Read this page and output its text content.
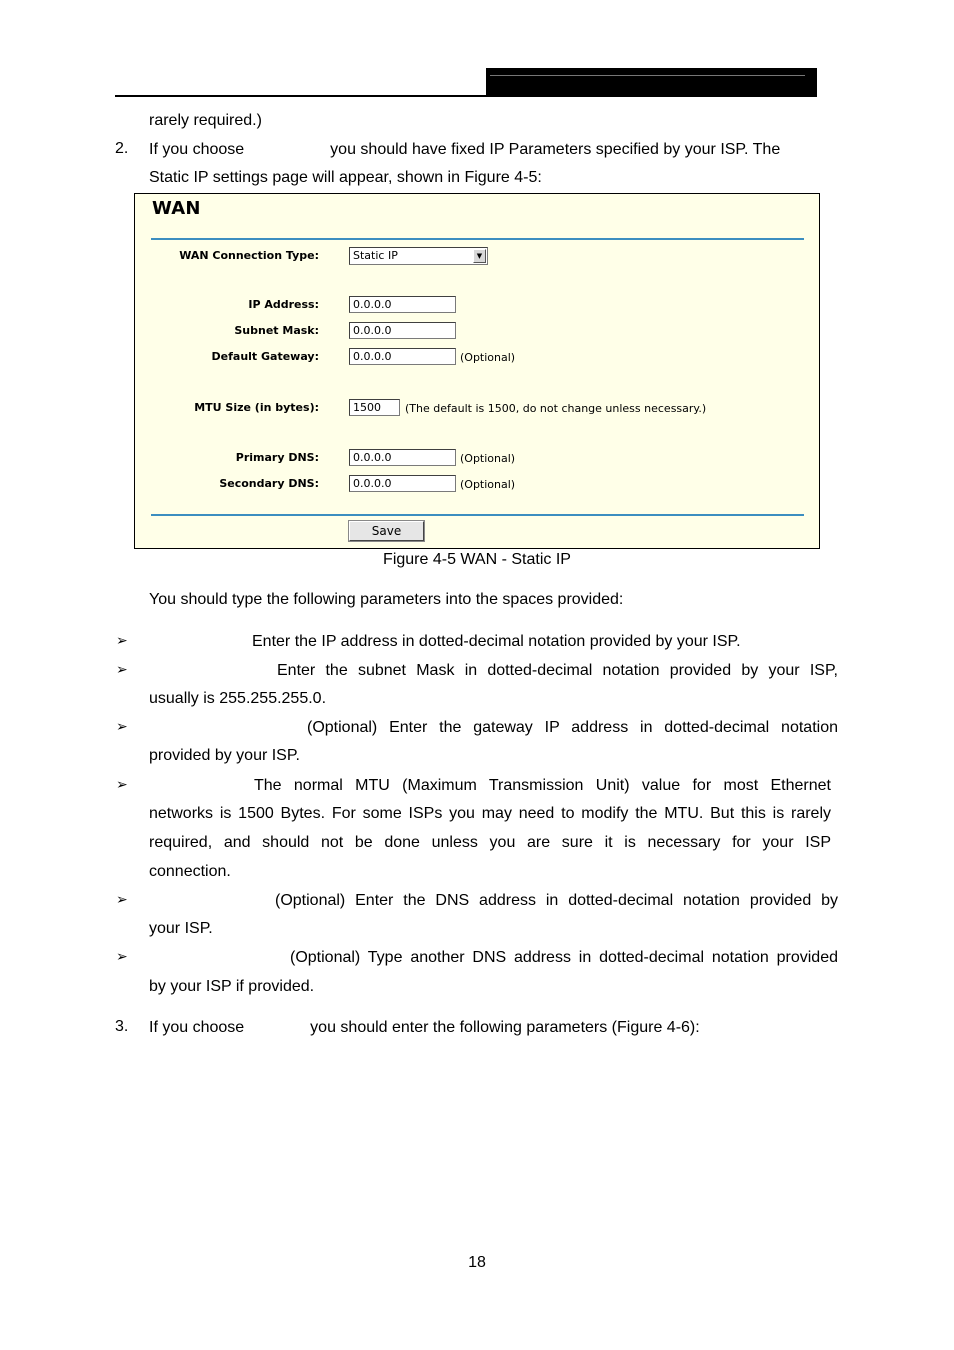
rarely required.)
2. If you choose	you should have fixed IP Parameters specified by your ISP. The
Static IP settings page will appear, shown in Figure 4-5:
WAN
WAN Connection Type:	Static IP	▼
IP Address:	0.0.0.0
Subnet Mask:	0.0.0.0
Default Gateway:	0.0.0.0	(Optional)
MTU Size (in bytes):	1500	(The default is 1500, do not change unless necessary.)
Primary DNS:	0.0.0.0	(Optional)
Secondary DNS:	0.0.0.0	(Optional)
Save
Figure 4-5 WAN - Static IP
You should type the following parameters into the spaces provided:
➢	Enter the IP address in dotted-decimal notation provided by your ISP.
➢	Enter the subnet Mask in dotted-decimal notation provided by your ISP,
usually is 255.255.255.0.
➢	(Optional) Enter the gateway IP address in dotted-decimal notation
provided by your ISP.
➢	The normal MTU (Maximum Transmission Unit) value for most Ethernet
networks is 1500 Bytes. For some ISPs you may need to modify the MTU. But this is rarely
required, and should not be done unless you are sure it is necessary for your ISP
connection.
➢	(Optional) Enter the DNS address in dotted-decimal notation provided by
your ISP.
➢	(Optional) Type another DNS address in dotted-decimal notation provided
by your ISP if provided.
3. If you choose	you should enter the following parameters (Figure 4-6):
18
